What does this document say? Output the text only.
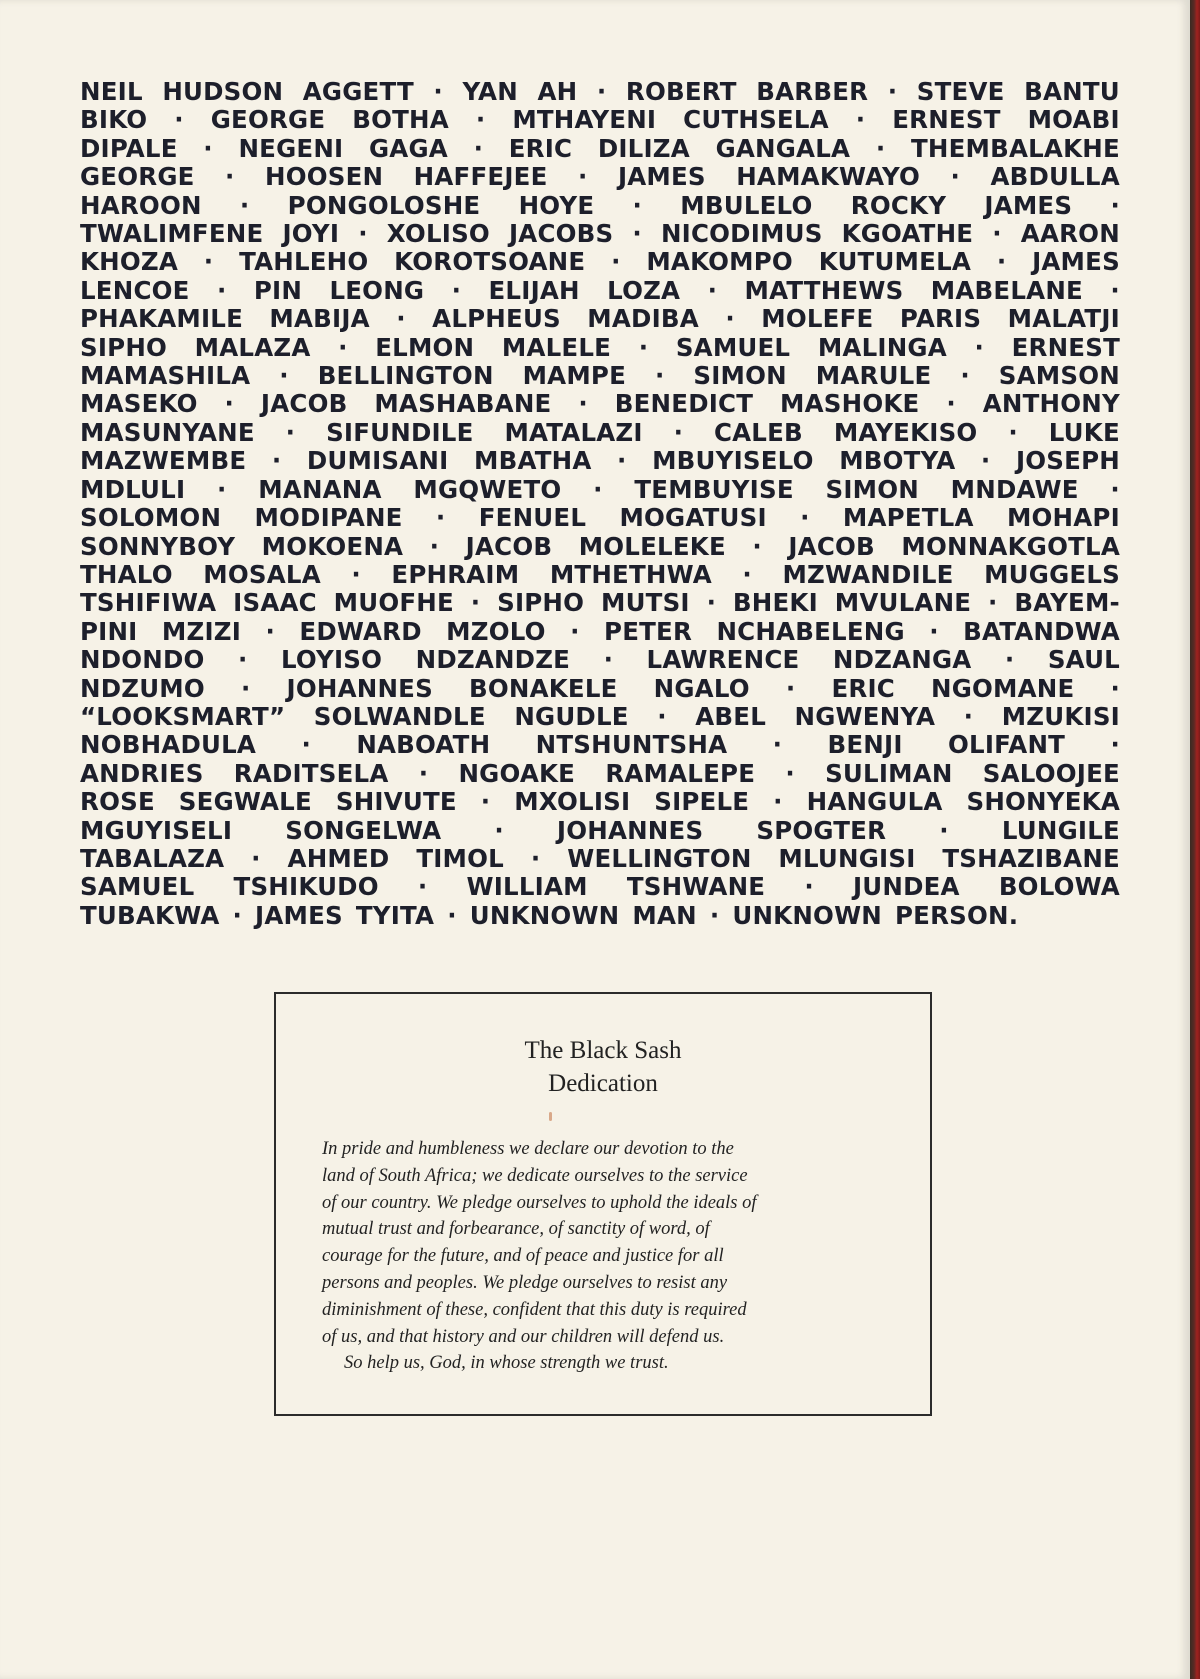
NEIL HUDSON AGGETT · YAN AH · ROBERT BARBER · STEVE BANTU
BIKO · GEORGE BOTHA · MTHAYENI CUTHSELA · ERNEST MOABI
DIPALE · NEGENI GAGA · ERIC DILIZA GANGALA · THEMBALAKHE
GEORGE · HOOSEN HAFFEJEE · JAMES HAMAKWAYO · ABDULLA
HAROON · PONGOLOSHE HOYE · MBULELO ROCKY JAMES ·
TWALIMFENE JOYI · XOLISO JACOBS · NICODIMUS KGOATHE · AARON
KHOZA · TAHLEHO KOROTSOANE · MAKOMPO KUTUMELA · JAMES
LENCOE · PIN LEONG · ELIJAH LOZA · MATTHEWS MABELANE ·
PHAKAMILE MABIJA · ALPHEUS MADIBA · MOLEFE PARIS MALATJI
SIPHO MALAZA · ELMON MALELE · SAMUEL MALINGA · ERNEST
MAMASHILA · BELLINGTON MAMPE · SIMON MARULE · SAMSON
MASEKO · JACOB MASHABANE · BENEDICT MASHOKE · ANTHONY
MASUNYANE · SIFUNDILE MATALAZI · CALEB MAYEKISO · LUKE
MAZWEMBE · DUMISANI MBATHA · MBUYISELO MBOTYA · JOSEPH
MDLULI · MANANA MGQWETO · TEMBUYISE SIMON MNDAWE ·
SOLOMON MODIPANE · FENUEL MOGATUSI · MAPETLA MOHAPI
SONNYBOY MOKOENA · JACOB MOLELEKE · JACOB MONNAKGOTLA
THALO MOSALA · EPHRAIM MTHETHWA · MZWANDILE MUGGELS
TSHIFIWA ISAAC MUOFHE · SIPHO MUTSI · BHEKI MVULANE · BAYEM-
PINI MZIZI · EDWARD MZOLO · PETER NCHABELENG · BATANDWA
NDONDO · LOYISO NDZANDZE · LAWRENCE NDZANGA · SAUL
NDZUMO · JOHANNES BONAKELE NGALO · ERIC NGOMANE ·
“LOOKSMART” SOLWANDLE NGUDLE · ABEL NGWENYA · MZUKISI
NOBHADULA · NABOATH NTSHUNTSHA · BENJI OLIFANT ·
ANDRIES RADITSELA · NGOAKE RAMALEPE · SULIMAN SALOOJEE
ROSE SEGWALE SHIVUTE · MXOLISI SIPELE · HANGULA SHONYEKA
MGUYISELI SONGELWA · JOHANNES SPOGTER · LUNGILE
TABALAZA · AHMED TIMOL · WELLINGTON MLUNGISI TSHAZIBANE
SAMUEL TSHIKUDO · WILLIAM TSHWANE · JUNDEA BOLOWA
TUBAKWA · JAMES TYITA · UNKNOWN MAN · UNKNOWN PERSON.
The Black Sash
Dedication
In pride and humbleness we declare our devotion to the
land of South Africa; we dedicate ourselves to the service
of our country. We pledge ourselves to uphold the ideals of
mutual trust and forbearance, of sanctity of word, of
courage for the future, and of peace and justice for all
persons and peoples. We pledge ourselves to resist any
diminishment of these, confident that this duty is required
of us, and that history and our children will defend us.
So help us, God, in whose strength we trust.
